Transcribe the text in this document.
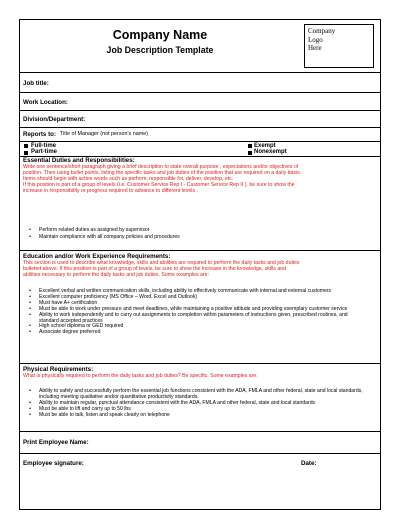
Company Name
Job Description Template
Company
Logo
Here
Job title:
Work Location:
Division/Department:
Reports to: Title of Manager (not person's name)
Full-time
Part-time
Exempt
Nonexempt
Essential Duties and Responsibilities:
Write one sentence/short paragraph giving a brief description to state overall purpose , expectations and/or objectives of
position. Then using bullet points, listing the specific tasks and job duties of the position that are required on a daily basis.
Items should begin with action words such as perform, responsible for, deliver, develop, etc.
If this position is part of a group of levels (i.e. Customer Service Rep I - Customer Service Rep II ), be sure to show the
increase in responsibility or progress required to advance to different levels .
• Perform related duties as assigned by supervisor
• Maintain compliance with all company policies and procedures
Education and/or Work Experience Requirements:
This section is used to describe what knowledge, skills and abilities are required to perform the daily tasks and job duties
bulleted above. If this position is part of a group of levels, be sure to show the increase in the knowledge, skills and
abilities necessary to perform the daily tasks and job duties. Some examples are:
• Excellent verbal and written communication skills, including ability to effectively communicate with internal and external customers
• Excellent computer proficiency (MS Office – Word, Excel and Outlook)
• Must have A+ certification
• Must be able to work under pressure and meet deadlines, while maintaining a positive attitude and providing exemplary customer service
• Ability to work independently and to carry out assignments to completion within parameters of instructions given, prescribed routines, and standard accepted practices
• High school diploma or GED required
• Associate degree preferred
Physical Requirements:
What is physically required to perform the daily tasks and job duties? Be specific. Some examples are:
• Ability to safely and successfully perform the essential job functions consistent with the ADA, FMLA and other federal, state and local standards, including meeting qualitative and/or quantitative productivity standards.
• Ability to maintain regular, punctual attendance consistent with the ADA, FMLA and other federal, state and local standards
• Must be able to lift and carry up to 50 lbs
• Must be able to talk, listen and speak clearly on telephone
Print Employee Name:
Employee signature:	Date:
